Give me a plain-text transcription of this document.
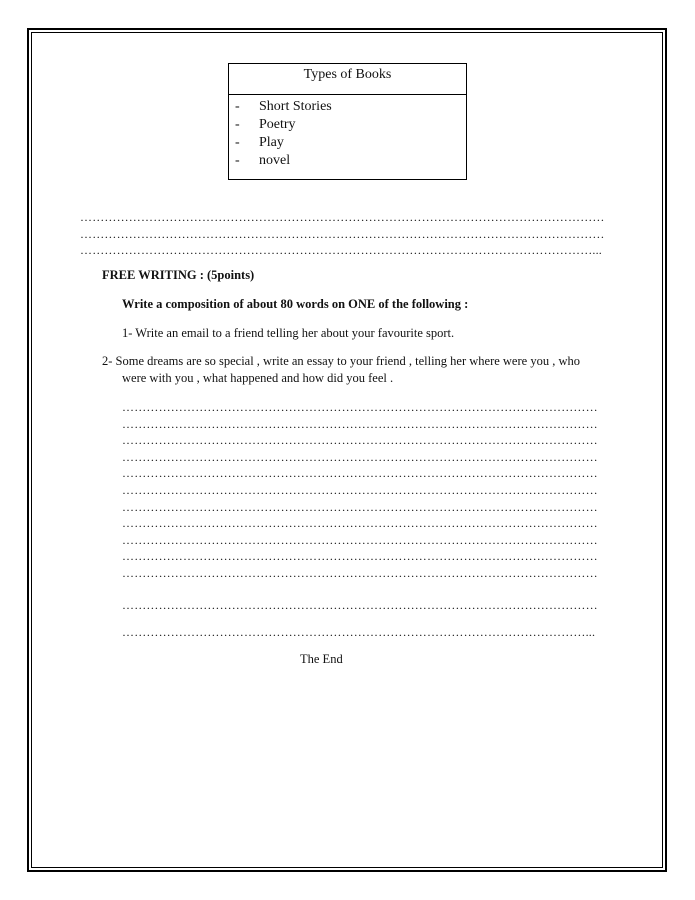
Types of Books
- Short Stories
- Poetry
- Play
- novel
…………………………………………………………………………………………………………………
…………………………………………………………………………………………………………………
………………………………………………………………………………………………………………...
FREE WRITING : (5points)
Write a composition of about 80 words on ONE of the following :
1- Write an email to a friend telling her about your favourite sport.
2- Some dreams are so special , write an essay to your friend , telling her where were you , who
were with you , what happened and how did you feel .
………………………………………………………………………………………………………
………………………………………………………………………………………………………
………………………………………………………………………………………………………
………………………………………………………………………………………………………
………………………………………………………………………………………………………
………………………………………………………………………………………………………
………………………………………………………………………………………………………
………………………………………………………………………………………………………
………………………………………………………………………………………………………
………………………………………………………………………………………………………
………………………………………………………………………………………………………
………………………………………………………………………………………………………
……………………………………………………………………………………………………...
The End
